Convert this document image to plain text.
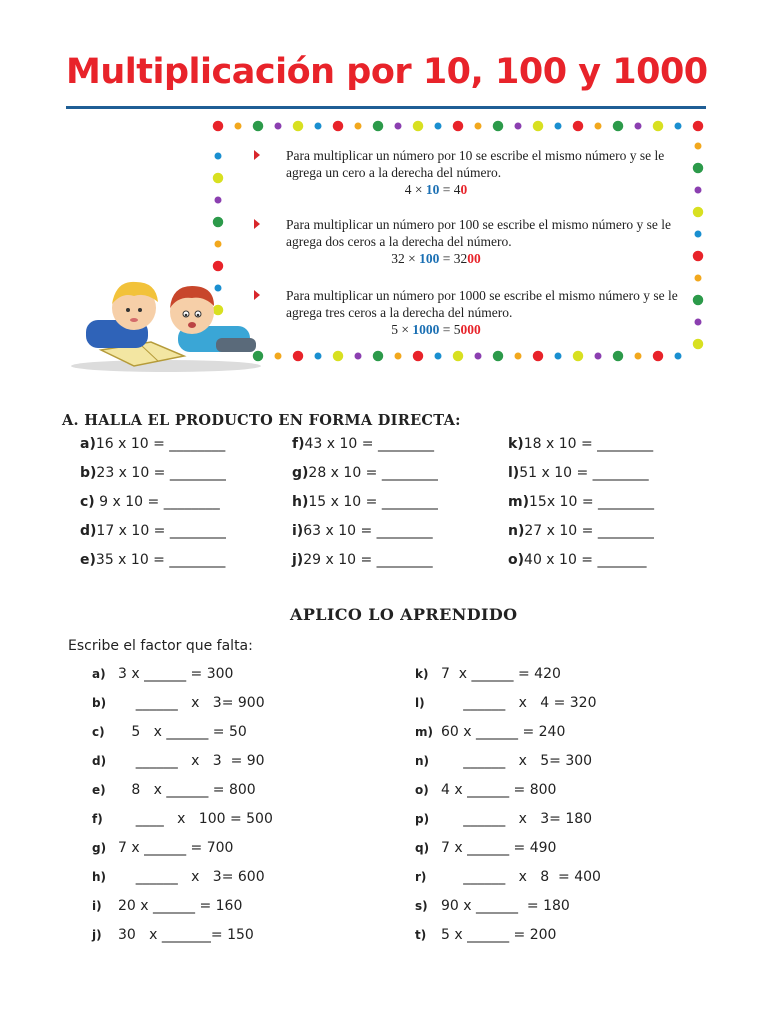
Multiplicación por 10, 100 y 1000
Para multiplicar un número por 10 se escribe el mismo número y se le agrega un cero a la derecha del número.
4 × 10 = 40
Para multiplicar un número por 100 se escribe el mismo número y se le agrega dos ceros a la derecha del número.
32 × 100 = 3200
Para multiplicar un número por 1000 se escribe el mismo número y se le agrega tres ceros a la derecha del número.
5 × 1000 = 5000
A. HALLA EL PRODUCTO EN FORMA DIRECTA:
a)16 x 10 = ________
b)23 x 10 = ________
c) 9 x 10 = ________
d)17 x 10 = ________
e)35 x 10 = ________
f)43 x 10 = ________
g)28 x 10 = ________
h)15 x 10 = ________
i)63 x 10 = ________
j)29 x 10 = ________
k)18 x 10 = ________
l)51 x 10 = ________
m)15x 10 = ________
n)27 x 10 = ________
o)40 x 10 = _______
APLICO LO APRENDIDO
Escribe el factor que falta:
a) 3 x ______ = 300
b)    ______   x   3= 900
c)   5   x ______ = 50
d)    ______   x   3  = 90
e)   8   x ______ = 800
f)    ____   x   100 = 500
g) 7 x ______ = 700
h)    ______   x   3= 600
i) 20 x ______ = 160
j) 30   x _______= 150
k) 7  x ______ = 420
l)     ______   x   4 = 320
m) 60 x ______ = 240
n)     ______   x   5= 300
o) 4 x ______ = 800
p)     ______   x   3= 180
q) 7 x ______ = 490
r)     ______   x   8  = 400
s) 90 x ______  = 180
t) 5 x ______ = 200
